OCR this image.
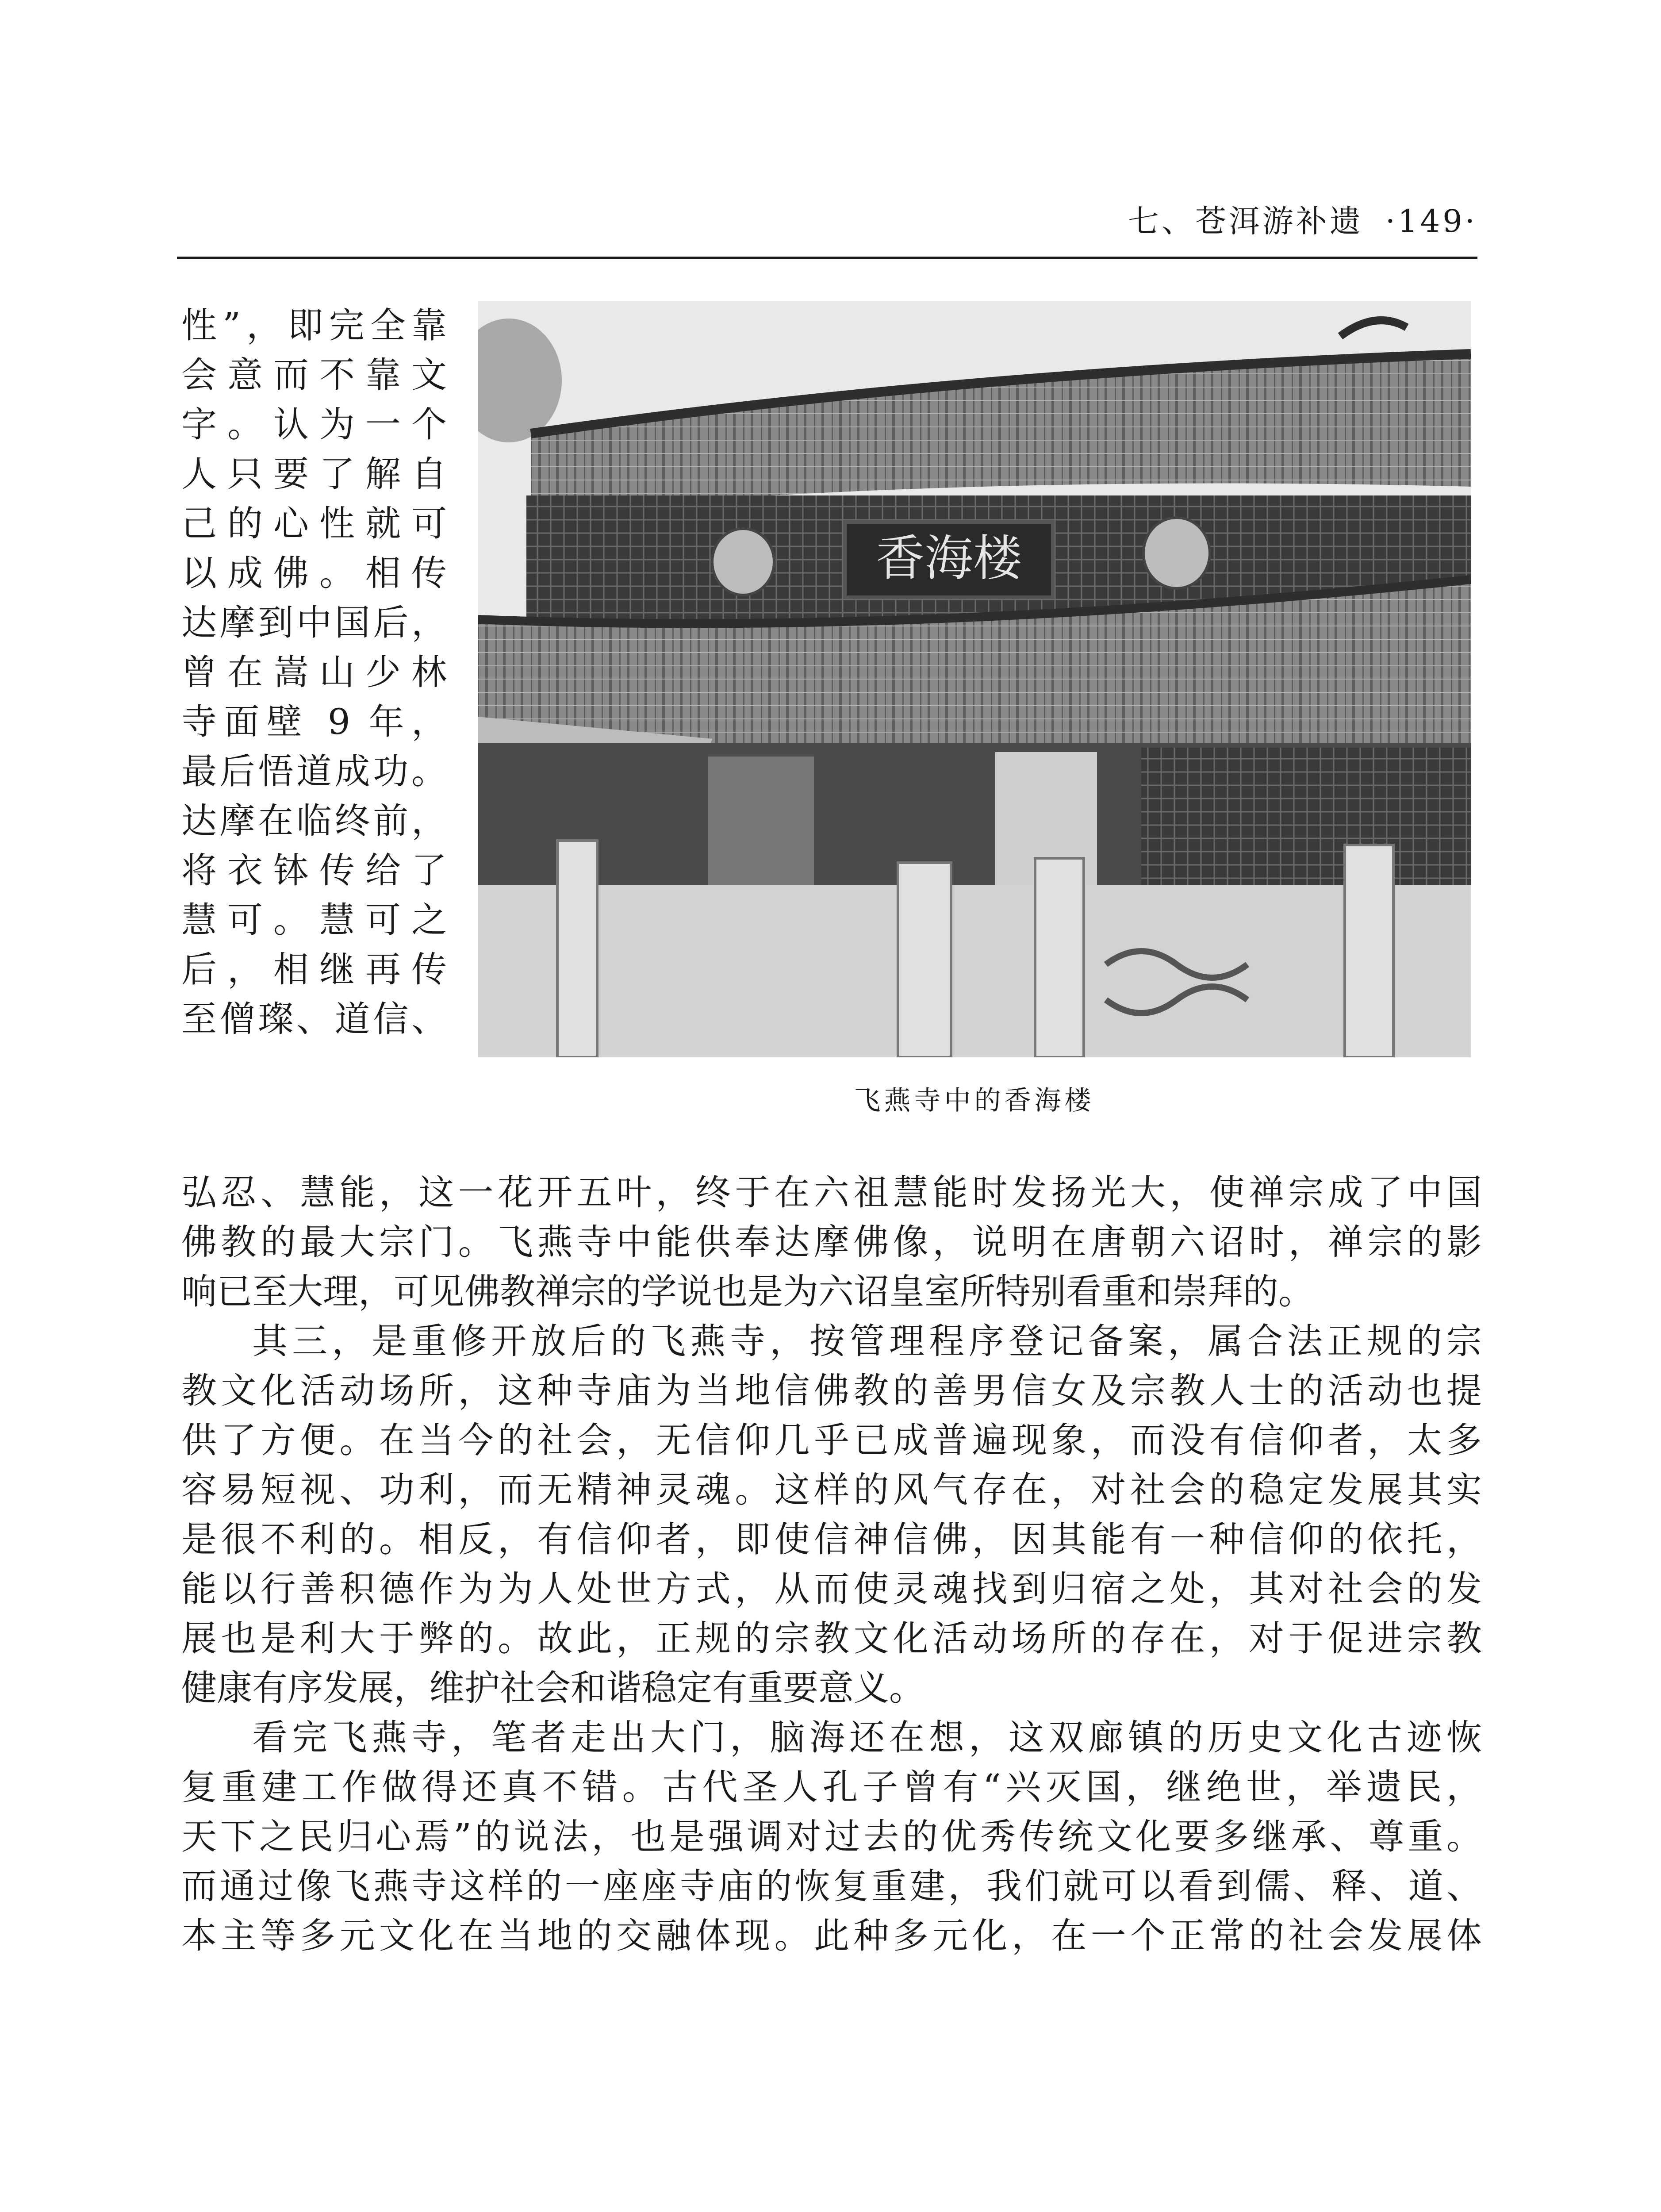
七、苍洱游补遗 ·149·
性”，即完全靠
会意而不靠文
字。认为一个
人只要了解自
己的心性就可
以成佛。相传
达摩到中国后，
曾在嵩山少林
寺面壁 9 年，
最后悟道成功。
达摩在临终前，
将衣钵传给了
慧可。慧可之
后，相继再传
至僧璨、道信、
香海楼
飞燕寺中的香海楼
弘忍、慧能，这一花开五叶，终于在六祖慧能时发扬光大，使禅宗成了中国
佛教的最大宗门。飞燕寺中能供奉达摩佛像，说明在唐朝六诏时，禅宗的影
响已至大理，可见佛教禅宗的学说也是为六诏皇室所特别看重和崇拜的。
其三，是重修开放后的飞燕寺，按管理程序登记备案，属合法正规的宗
教文化活动场所，这种寺庙为当地信佛教的善男信女及宗教人士的活动也提
供了方便。在当今的社会，无信仰几乎已成普遍现象，而没有信仰者，太多
容易短视、功利，而无精神灵魂。这样的风气存在，对社会的稳定发展其实
是很不利的。相反，有信仰者，即使信神信佛，因其能有一种信仰的依托，
能以行善积德作为为人处世方式，从而使灵魂找到归宿之处，其对社会的发
展也是利大于弊的。故此，正规的宗教文化活动场所的存在，对于促进宗教
健康有序发展，维护社会和谐稳定有重要意义。
看完飞燕寺，笔者走出大门，脑海还在想，这双廊镇的历史文化古迹恢
复重建工作做得还真不错。古代圣人孔子曾有“兴灭国，继绝世，举遗民，
天下之民归心焉”的说法，也是强调对过去的优秀传统文化要多继承、尊重。
而通过像飞燕寺这样的一座座寺庙的恢复重建，我们就可以看到儒、释、道、
本主等多元文化在当地的交融体现。此种多元化，在一个正常的社会发展体
